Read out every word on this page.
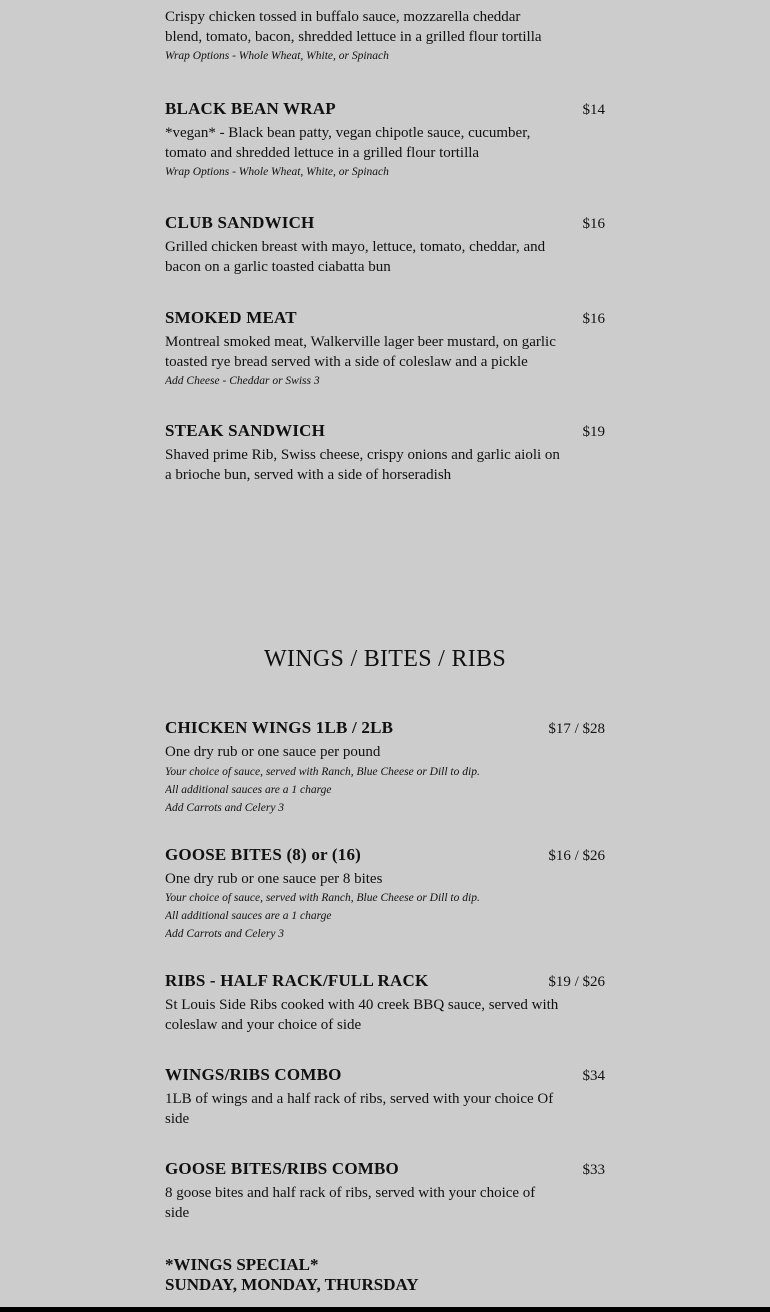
Crispy chicken tossed in buffalo sauce, mozzarella cheddar blend, tomato, bacon, shredded lettuce in a grilled flour tortilla
Wrap Options - Whole Wheat, White, or Spinach
BLACK BEAN WRAP	$14
*vegan* - Black bean patty, vegan chipotle sauce, cucumber, tomato and shredded lettuce in a grilled flour tortilla
Wrap Options - Whole Wheat, White, or Spinach
CLUB SANDWICH	$16
Grilled chicken breast with mayo, lettuce, tomato, cheddar, and bacon on a garlic toasted ciabatta bun
SMOKED MEAT	$16
Montreal smoked meat, Walkerville lager beer mustard, on garlic toasted rye bread served with a side of coleslaw and a pickle
Add Cheese - Cheddar or Swiss 3
STEAK SANDWICH	$19
Shaved prime Rib, Swiss cheese, crispy onions and garlic aioli on a brioche bun, served with a side of horseradish
WINGS / BITES / RIBS
CHICKEN WINGS 1LB / 2LB	$17 / $28
One dry rub or one sauce per pound
Your choice of sauce, served with Ranch, Blue Cheese or Dill to dip.
All additional sauces are a 1 charge
Add Carrots and Celery 3
GOOSE BITES (8) or (16)	$16 / $26
One dry rub or one sauce per 8 bites
Your choice of sauce, served with Ranch, Blue Cheese or Dill to dip.
All additional sauces are a 1 charge
Add Carrots and Celery 3
RIBS - HALF RACK/FULL RACK	$19 / $26
St Louis Side Ribs cooked with 40 creek BBQ sauce, served with coleslaw and your choice of side
WINGS/RIBS COMBO	$34
1LB of wings and a half rack of ribs, served with your choice Of side
GOOSE BITES/RIBS COMBO	$33
8 goose bites and half rack of ribs, served with your choice of side
*WINGS SPECIAL*
SUNDAY, MONDAY, THURSDAY
